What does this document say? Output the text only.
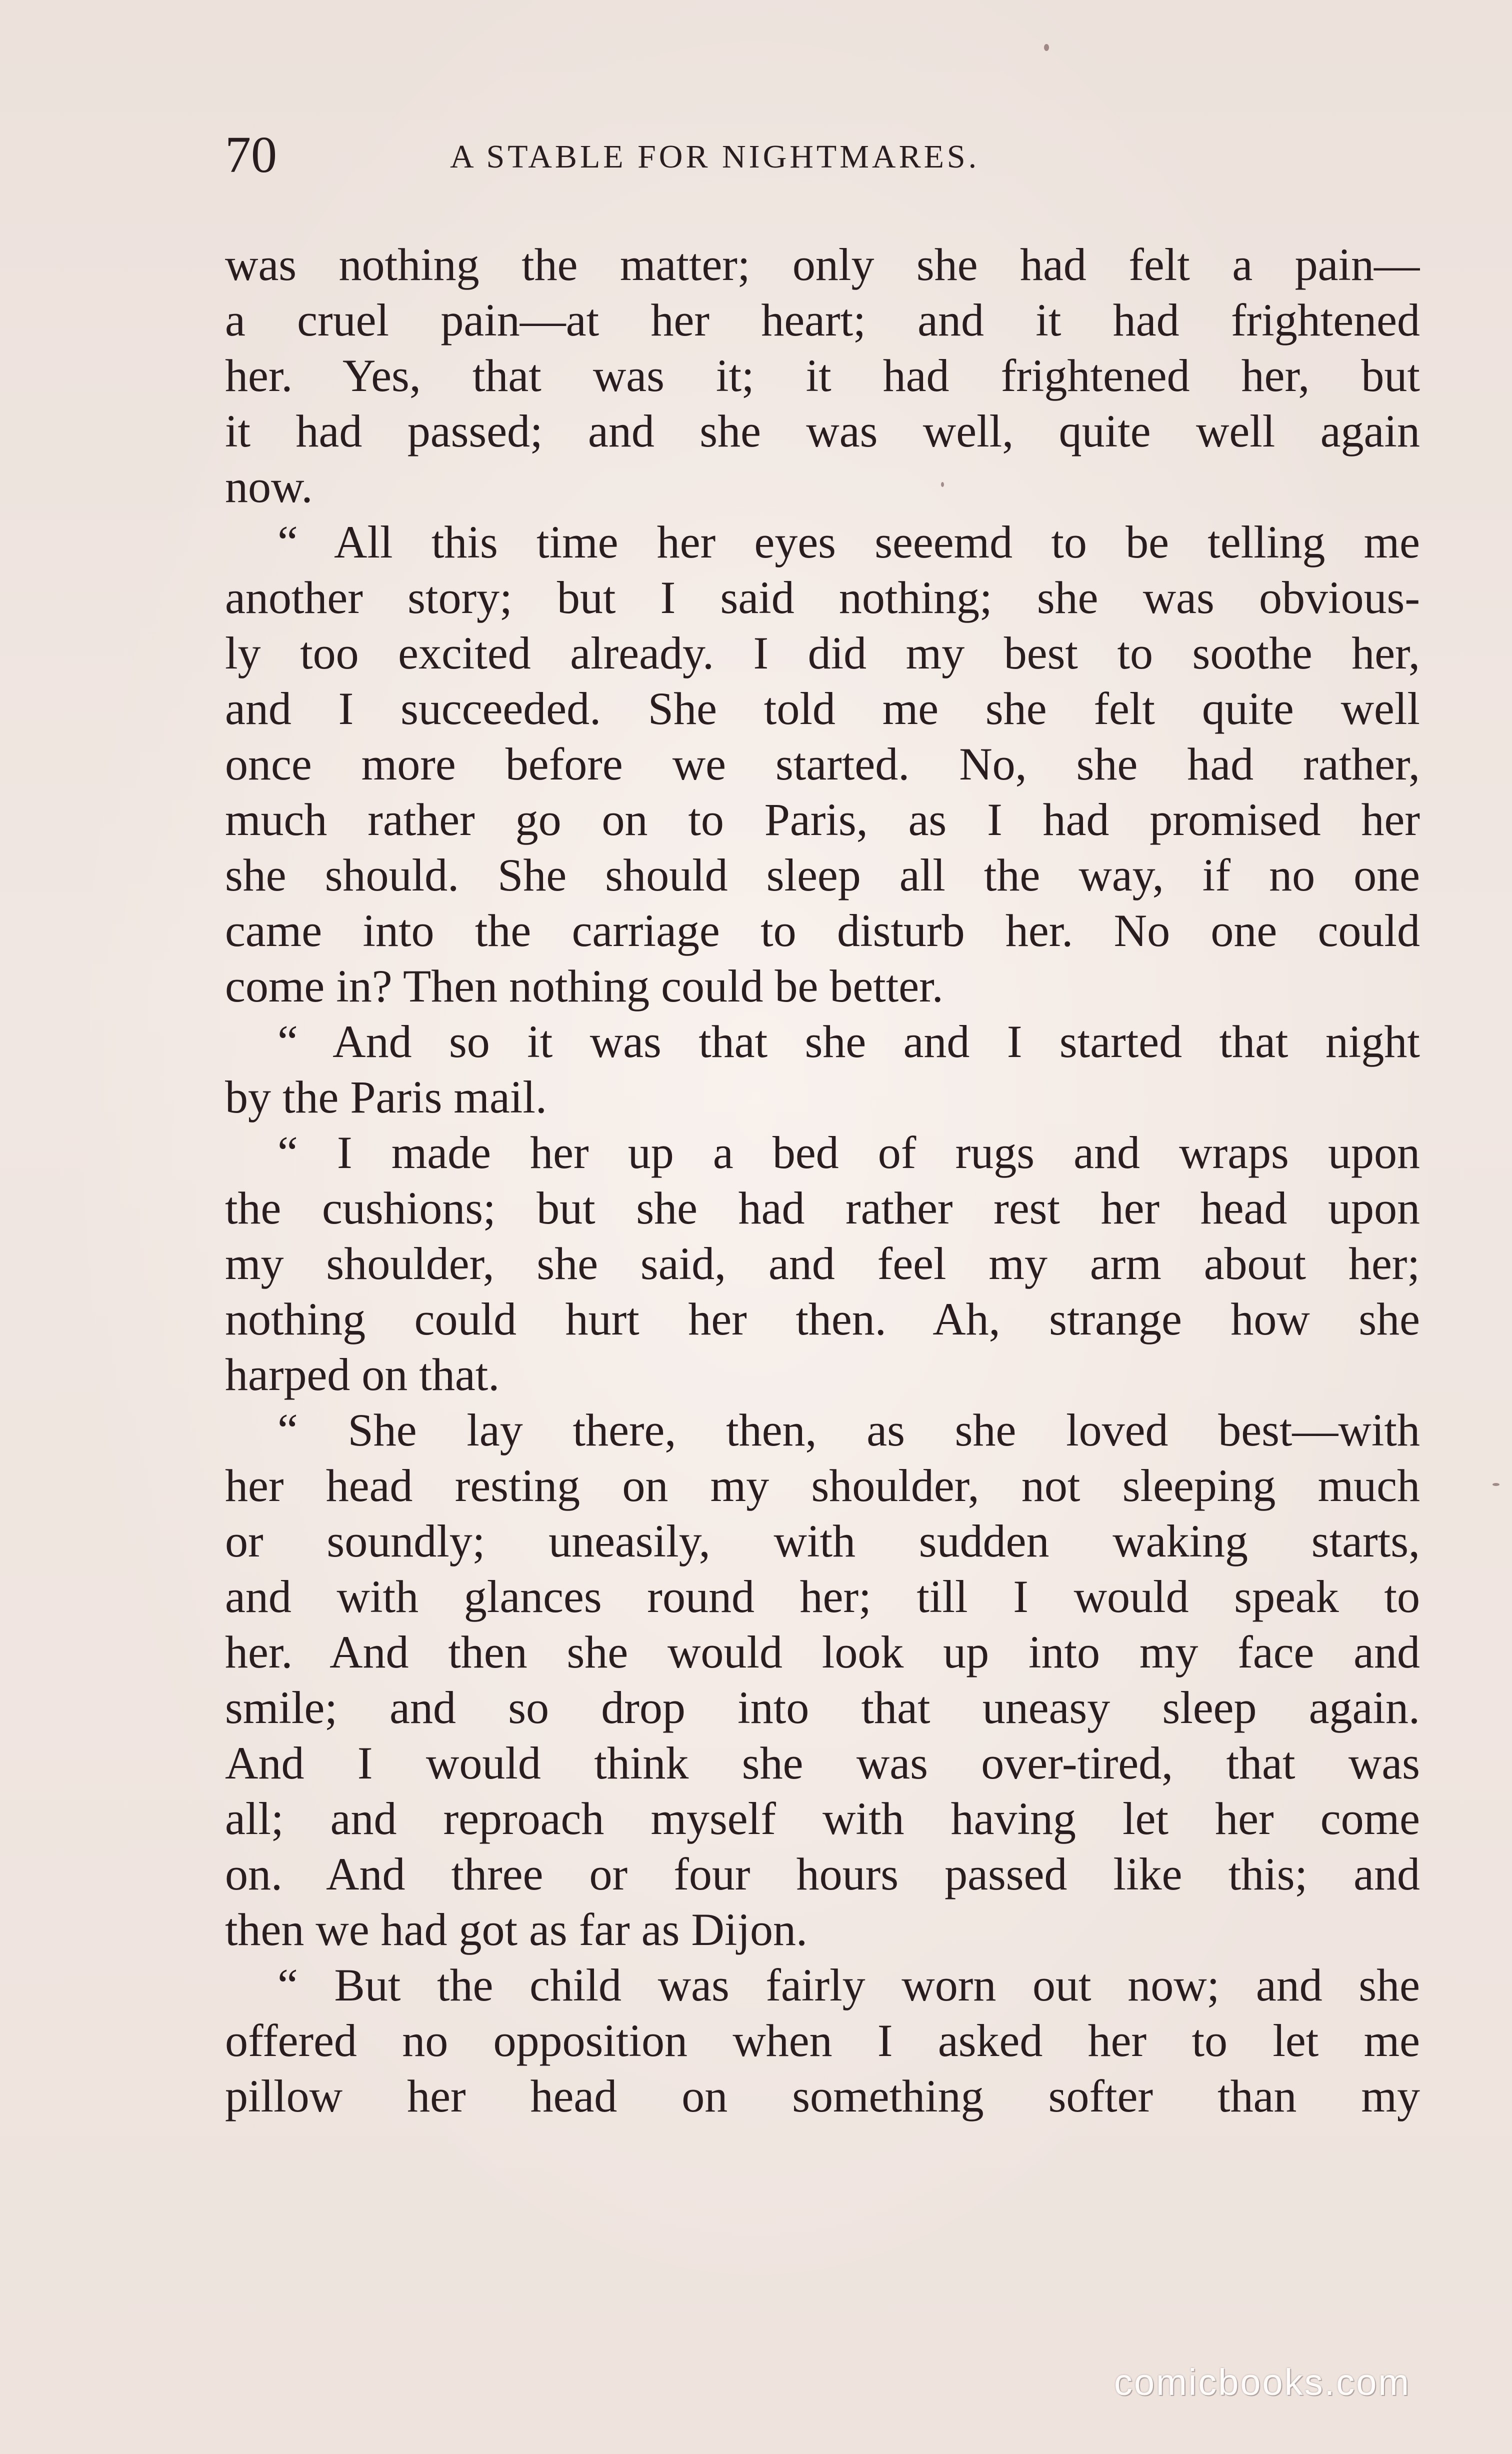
70	A STABLE FOR NIGHTMARES.
was nothing the matter; only she had felt a pain—
a cruel pain—at her heart; and it had frightened
her. Yes, that was it; it had frightened her, but
it had passed; and she was well, quite well again
now.
“ All this time her eyes seeemd to be telling me
another story; but I said nothing; she was obvious-
ly too excited already. I did my best to soothe her,
and I succeeded. She told me she felt quite well
once more before we started. No, she had rather,
much rather go on to Paris, as I had promised her
she should. She should sleep all the way, if no one
came into the carriage to disturb her. No one could
come in? Then nothing could be better.
“ And so it was that she and I started that night
by the Paris mail.
“ I made her up a bed of rugs and wraps upon
the cushions; but she had rather rest her head upon
my shoulder, she said, and feel my arm about her;
nothing could hurt her then. Ah, strange how she
harped on that.
“ She lay there, then, as she loved best—with
her head resting on my shoulder, not sleeping much
or soundly; uneasily, with sudden waking starts,
and with glances round her; till I would speak to
her. And then she would look up into my face and
smile; and so drop into that uneasy sleep again.
And I would think she was over-tired, that was
all; and reproach myself with having let her come
on. And three or four hours passed like this; and
then we had got as far as Dijon.
“ But the child was fairly worn out now; and she
offered no opposition when I asked her to let me
pillow her head on something softer than my
comicbooks.com
